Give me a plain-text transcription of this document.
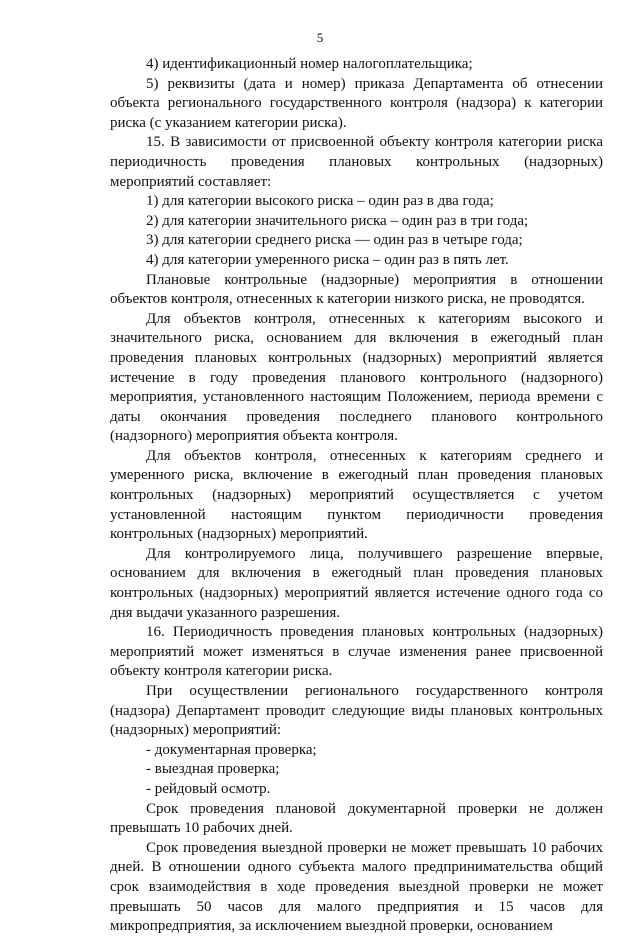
5

4) идентификационный номер налогоплательщика;

5) реквизиты (дата и номер) приказа Департамента об отнесении объекта регионального государственного контроля (надзора) к категории риска (с указанием категории риска).

15. В зависимости от присвоенной объекту контроля категории риска периодичность проведения плановых контрольных (надзорных) мероприятий составляет:

1) для категории высокого риска – один раз в два года;

2) для категории значительного риска – один раз в три года;

3) для категории среднего риска — один раз в четыре года;

4) для категории умеренного риска – один раз в пять лет.

Плановые контрольные (надзорные) мероприятия в отношении объектов контроля, отнесенных к категории низкого риска, не проводятся.

Для объектов контроля, отнесенных к категориям высокого и значительного риска, основанием для включения в ежегодный план проведения плановых контрольных (надзорных) мероприятий является истечение в году проведения планового контрольного (надзорного) мероприятия, установленного настоящим Положением, периода времени с даты окончания проведения последнего планового контрольного (надзорного) мероприятия объекта контроля.

Для объектов контроля, отнесенных к категориям среднего и умеренного риска, включение в ежегодный план проведения плановых контрольных (надзорных) мероприятий осуществляется с учетом установленной настоящим пунктом периодичности проведения контрольных (надзорных) мероприятий.

Для контролируемого лица, получившего разрешение впервые, основанием для включения в ежегодный план проведения плановых контрольных (надзорных) мероприятий является истечение одного года со дня выдачи указанного разрешения.

16. Периодичность проведения плановых контрольных (надзорных) мероприятий может изменяться в случае изменения ранее присвоенной объекту контроля категории риска.

При осуществлении регионального государственного контроля (надзора) Департамент проводит следующие виды плановых контрольных (надзорных) мероприятий:

- документарная проверка;

- выездная проверка;

- рейдовый осмотр.

Срок проведения плановой документарной проверки не должен превышать 10 рабочих дней.

Срок проведения выездной проверки не может превышать 10 рабочих дней. В отношении одного субъекта малого предпринимательства общий срок взаимодействия в ходе проведения выездной проверки не может превышать 50 часов для малого предприятия и 15 часов для микропредприятия, за исключением выездной проверки, основанием
